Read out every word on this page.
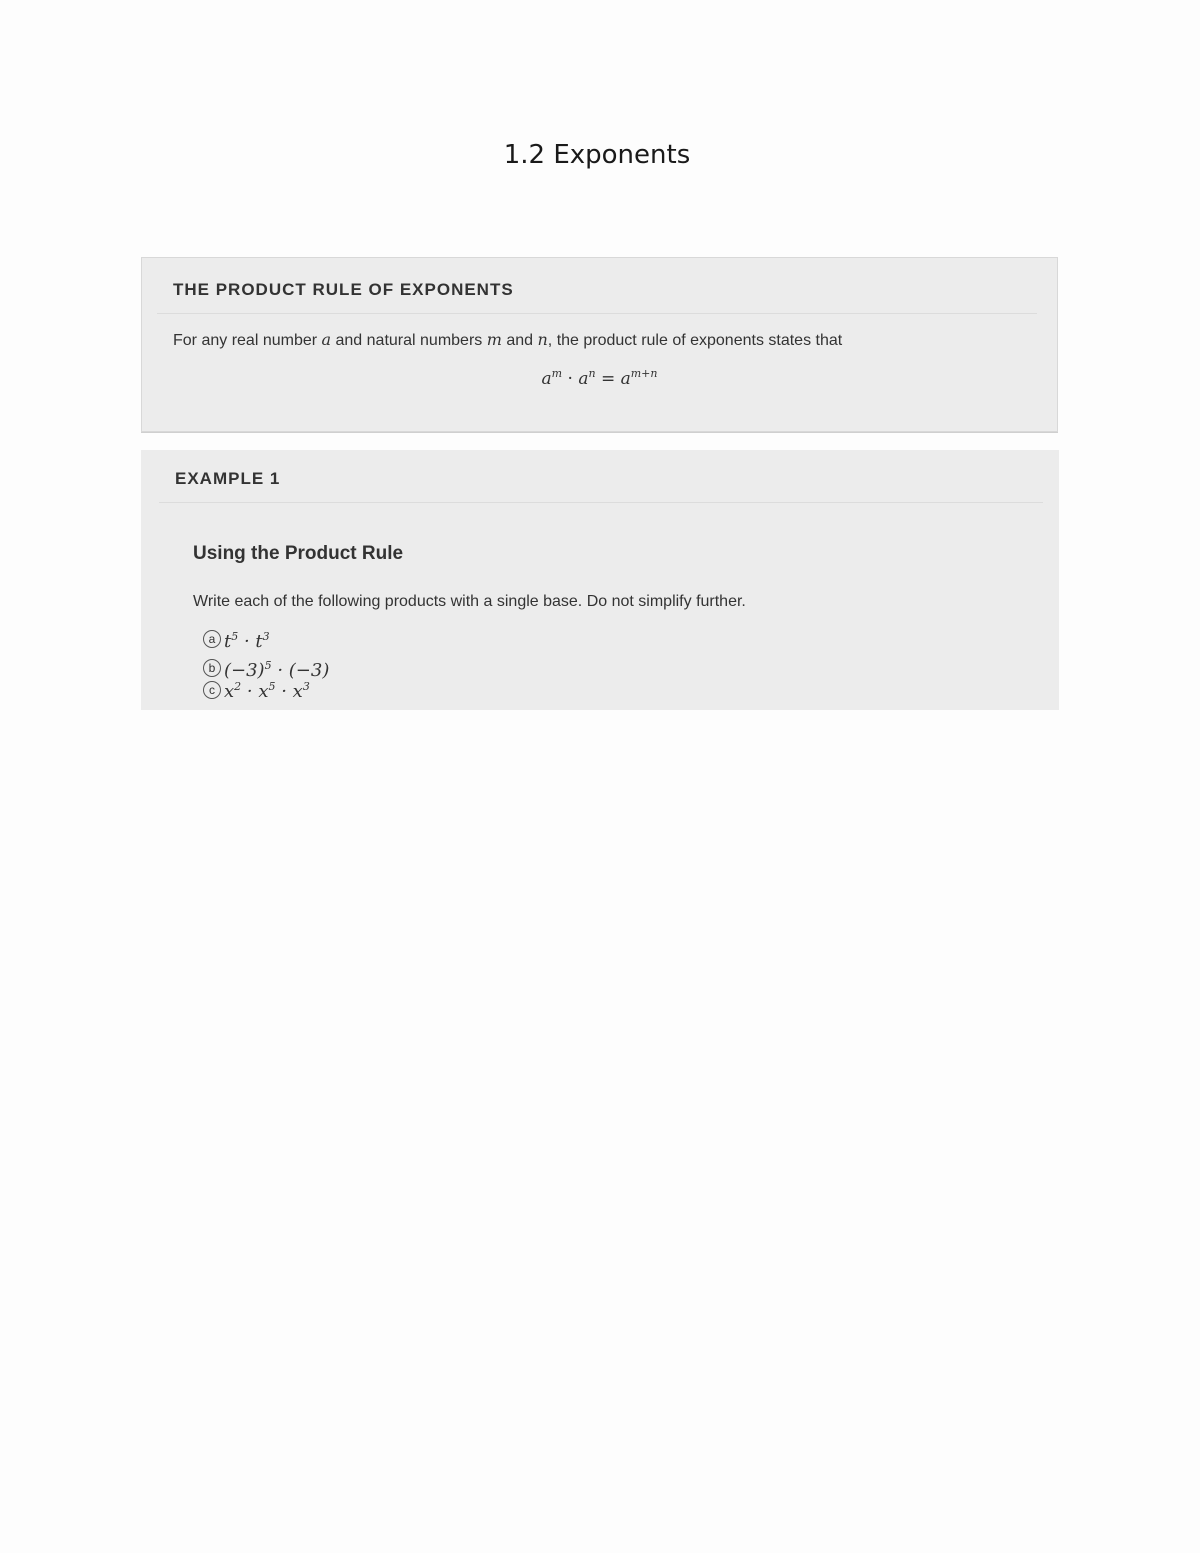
1.2 Exponents
THE PRODUCT RULE OF EXPONENTS

For any real number a and natural numbers m and n, the product rule of exponents states that

$a^m \cdot a^n = a^{m+n}$
EXAMPLE 1
Using the Product Rule

Write each of the following products with a single base. Do not simplify further.

a $t^5 \cdot t^3$
b $(-3)^5 \cdot (-3)$
c $x^2 \cdot x^5 \cdot x^3$
